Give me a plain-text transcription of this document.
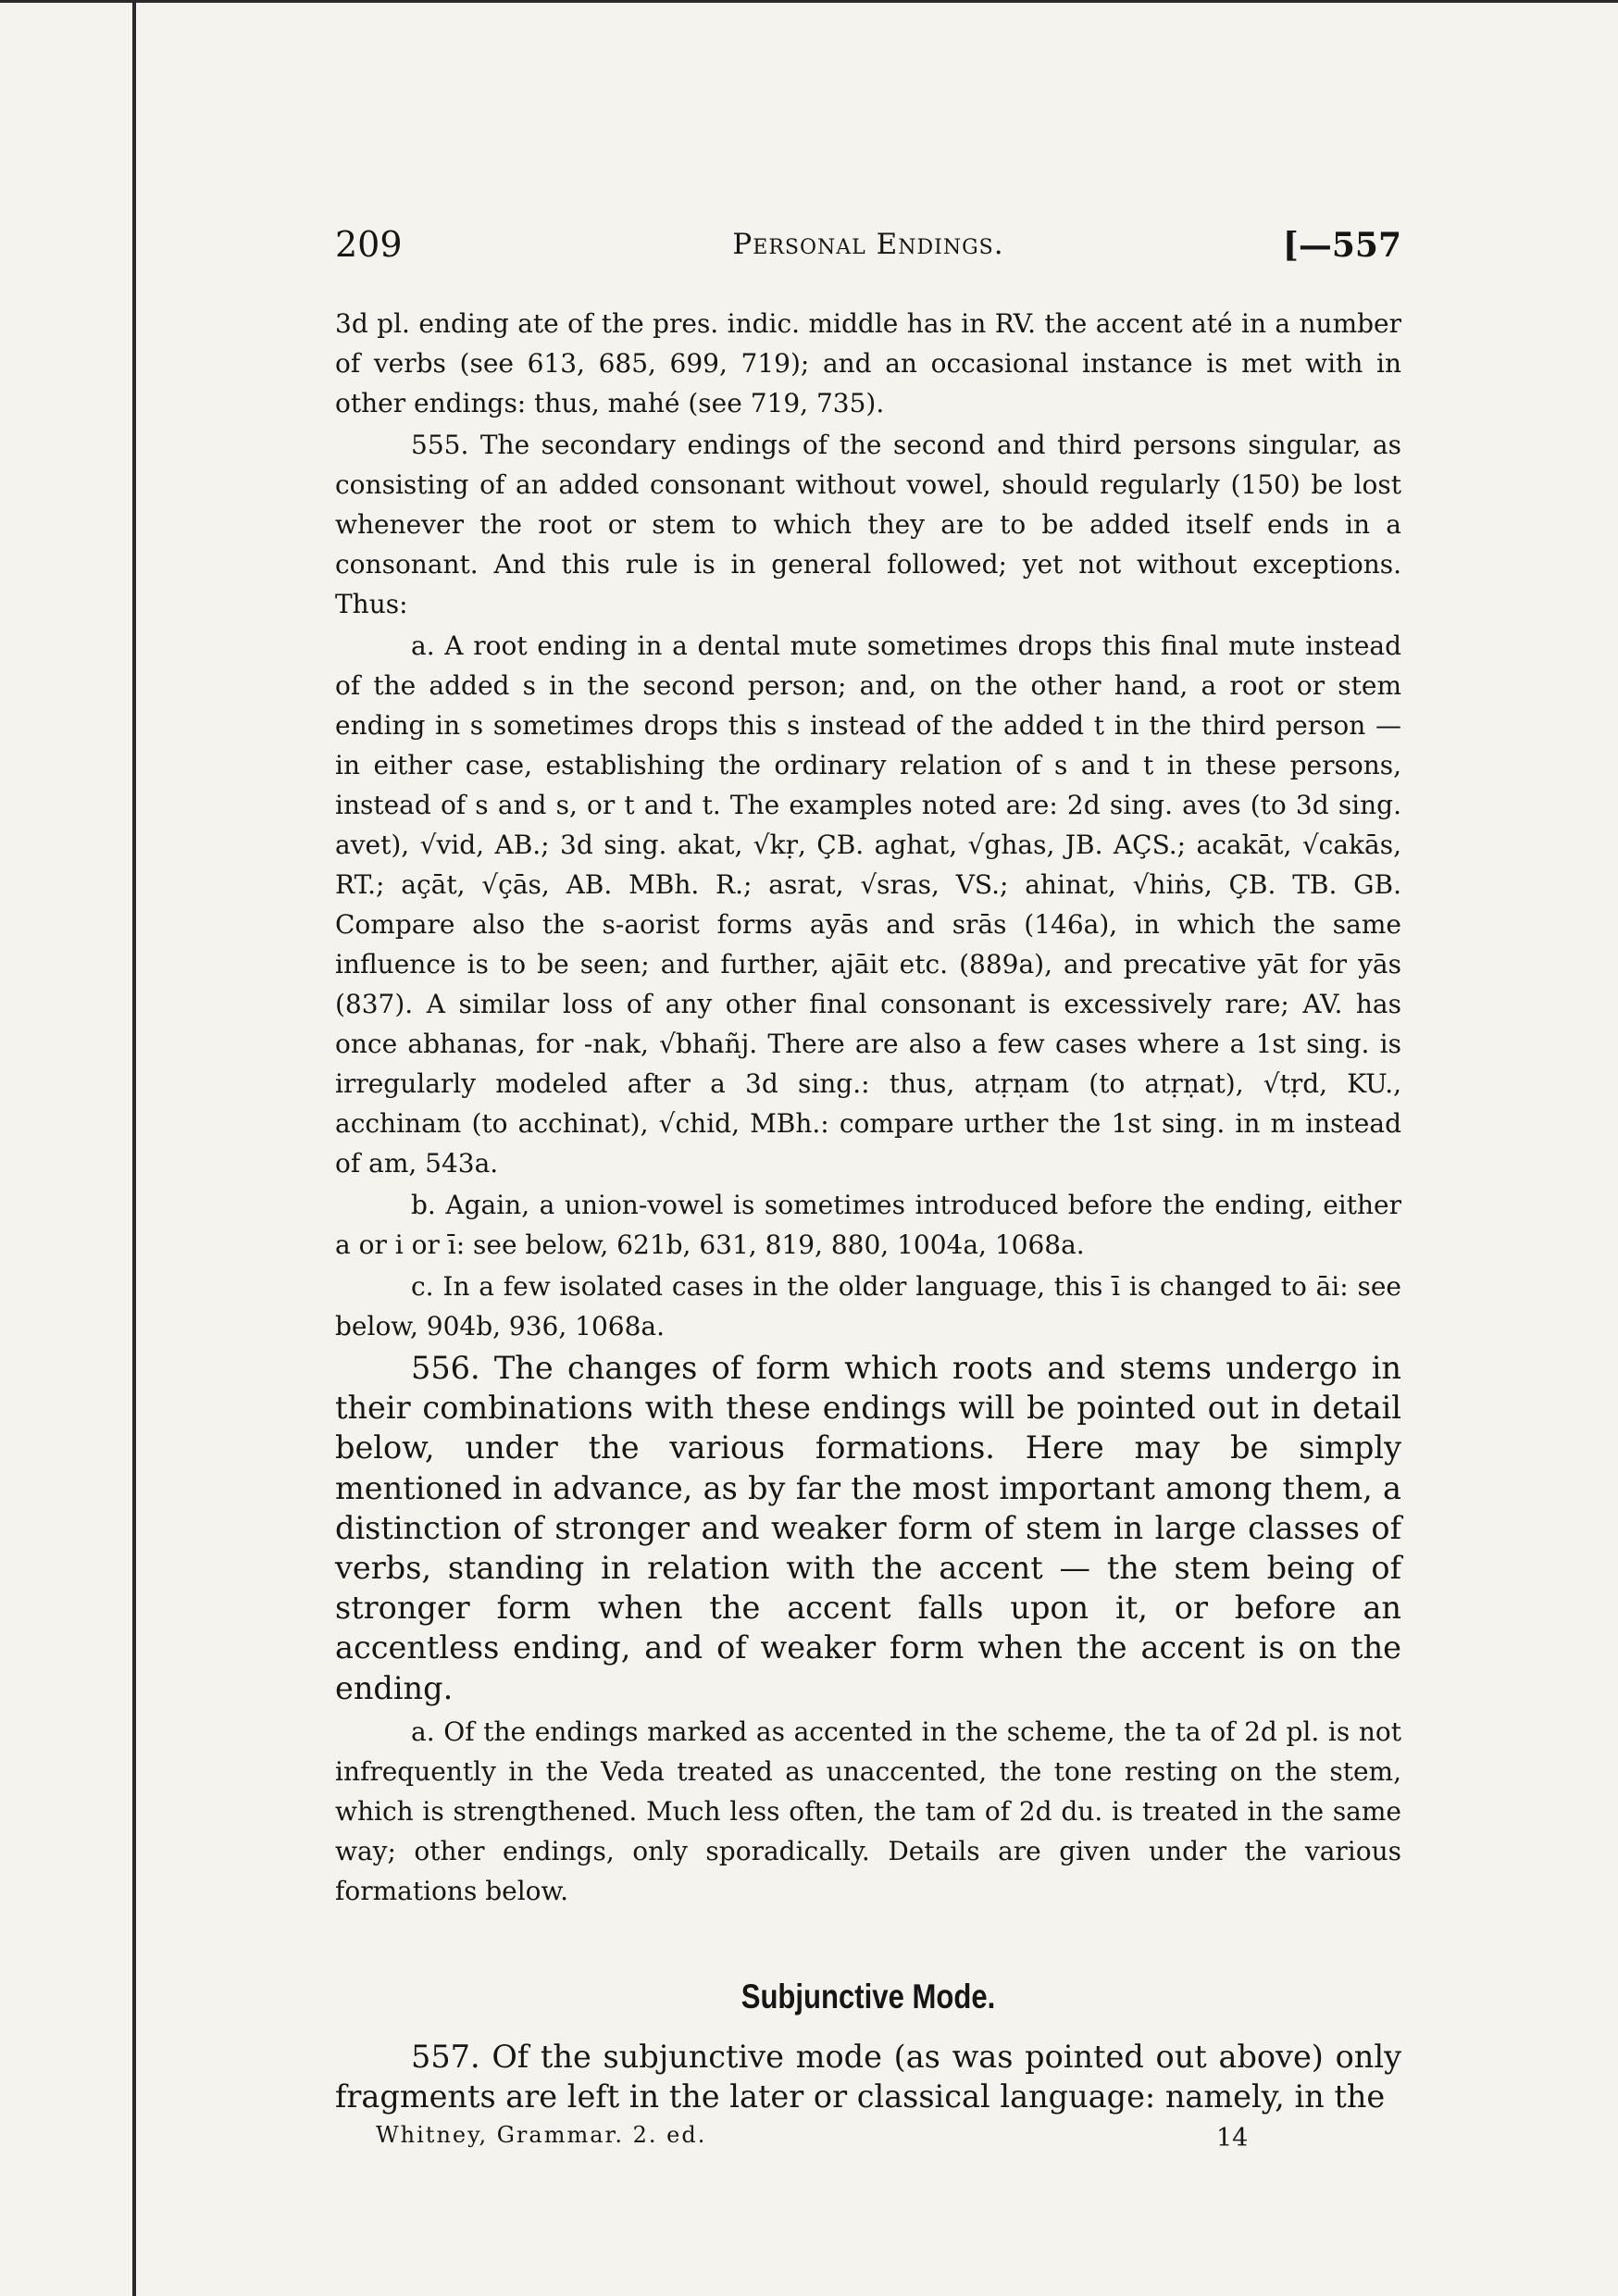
209	Personal Endings.	[—557

3d pl. ending ate of the pres. indic. middle has in RV. the accent até in a number of verbs (see 613, 685, 699, 719); and an occasional instance is met with in other endings: thus, mahé (see 719, 735).

555. The secondary endings of the second and third persons singular, as consisting of an added consonant without vowel, should regularly (150) be lost whenever the root or stem to which they are to be added itself ends in a consonant. And this rule is in general followed; yet not without exceptions. Thus:

a. A root ending in a dental mute sometimes drops this final mute instead of the added s in the second person; and, on the other hand, a root or stem ending in s sometimes drops this s instead of the added t in the third person — in either case, establishing the ordinary relation of s and t in these persons, instead of s and s, or t and t. The examples noted are: 2d sing. aves (to 3d sing. avet), √vid, AB.; 3d sing. akat, √kṛ, ÇB. aghat, √ghas, JB. AÇS.; acakāt, √cakās, RT.; açāt, √çās, AB. MBh. R.; asrat, √sras, VS.; ahinat, √hiṅs, ÇB. TB. GB. Compare also the s-aorist forms ayās and srās (146a), in which the same influence is to be seen; and further, ajāit etc. (889a), and precative yāt for yās (837). A similar loss of any other final consonant is excessively rare; AV. has once abhanas, for -nak, √bhañj. There are also a few cases where a 1st sing. is irregularly modeled after a 3d sing.: thus, atṛṇam (to atṛṇat), √tṛd, KU., acchinam (to acchinat), √chid, MBh.: compare urther the 1st sing. in m instead of am, 543a.

b. Again, a union-vowel is sometimes introduced before the ending, either a or i or ī: see below, 621b, 631, 819, 880, 1004a, 1068a.

c. In a few isolated cases in the older language, this ī is changed to āi: see below, 904b, 936, 1068a.

556. The changes of form which roots and stems undergo in their combinations with these endings will be pointed out in detail below, under the various formations. Here may be simply mentioned in advance, as by far the most important among them, a distinction of stronger and weaker form of stem in large classes of verbs, standing in relation with the accent — the stem being of stronger form when the accent falls upon it, or before an accentless ending, and of weaker form when the accent is on the ending.

a. Of the endings marked as accented in the scheme, the ta of 2d pl. is not infrequently in the Veda treated as unaccented, the tone resting on the stem, which is strengthened. Much less often, the tam of 2d du. is treated in the same way; other endings, only sporadically. Details are given under the various formations below.

Subjunctive Mode.

557. Of the subjunctive mode (as was pointed out above) only fragments are left in the later or classical language: namely, in the

Whitney, Grammar. 2. ed.	14
